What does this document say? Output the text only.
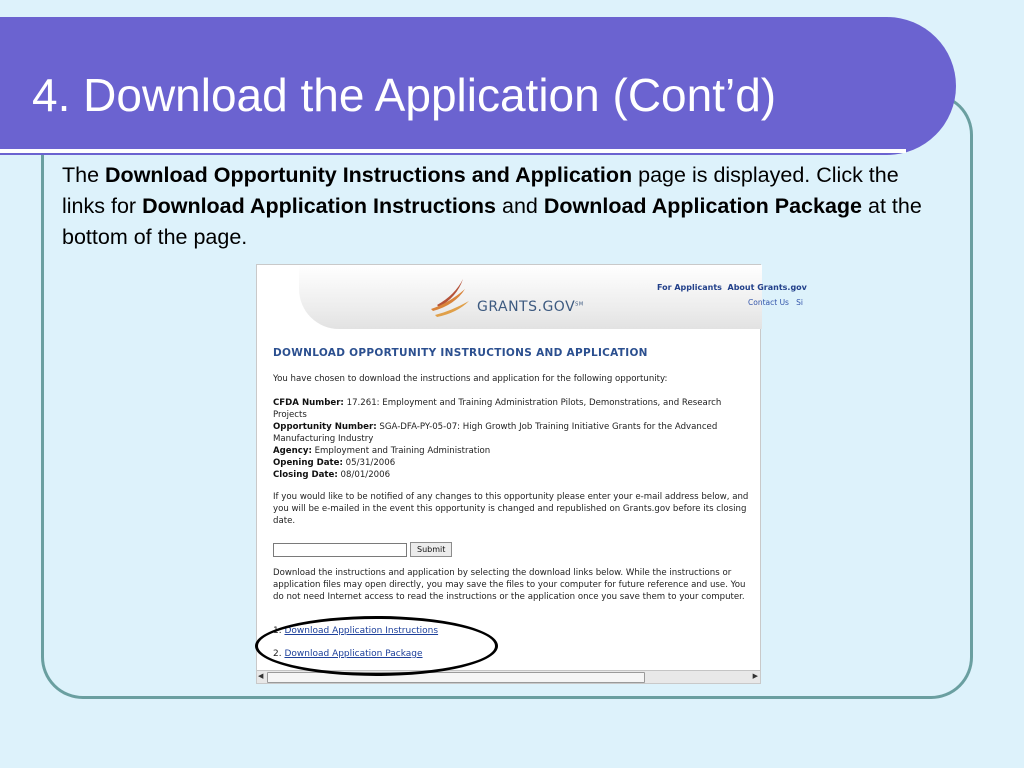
4. Download the Application (Cont’d)
The Download Opportunity Instructions and Application page is displayed. Click the links for Download Application Instructions and Download Application Package at the bottom of the page.
GRANTS.GOV℠
For Applicants About Grants.gov
Contact Us Si
DOWNLOAD OPPORTUNITY INSTRUCTIONS AND APPLICATION
You have chosen to download the instructions and application for the following opportunity:
CFDA Number: 17.261: Employment and Training Administration Pilots, Demonstrations, and Research Projects
Opportunity Number: SGA-DFA-PY-05-07: High Growth Job Training Initiative Grants for the Advanced Manufacturing Industry
Agency: Employment and Training Administration
Opening Date: 05/31/2006
Closing Date: 08/01/2006
If you would like to be notified of any changes to this opportunity please enter your e-mail address below, and you will be e-mailed in the event this opportunity is changed and republished on Grants.gov before its closing date.
Submit
Download the instructions and application by selecting the download links below. While the instructions or application files may open directly, you may save the files to your computer for future reference and use. You do not need Internet access to read the instructions or the application once you save them to your computer.
1. Download Application Instructions
2. Download Application Package
◀	▶
